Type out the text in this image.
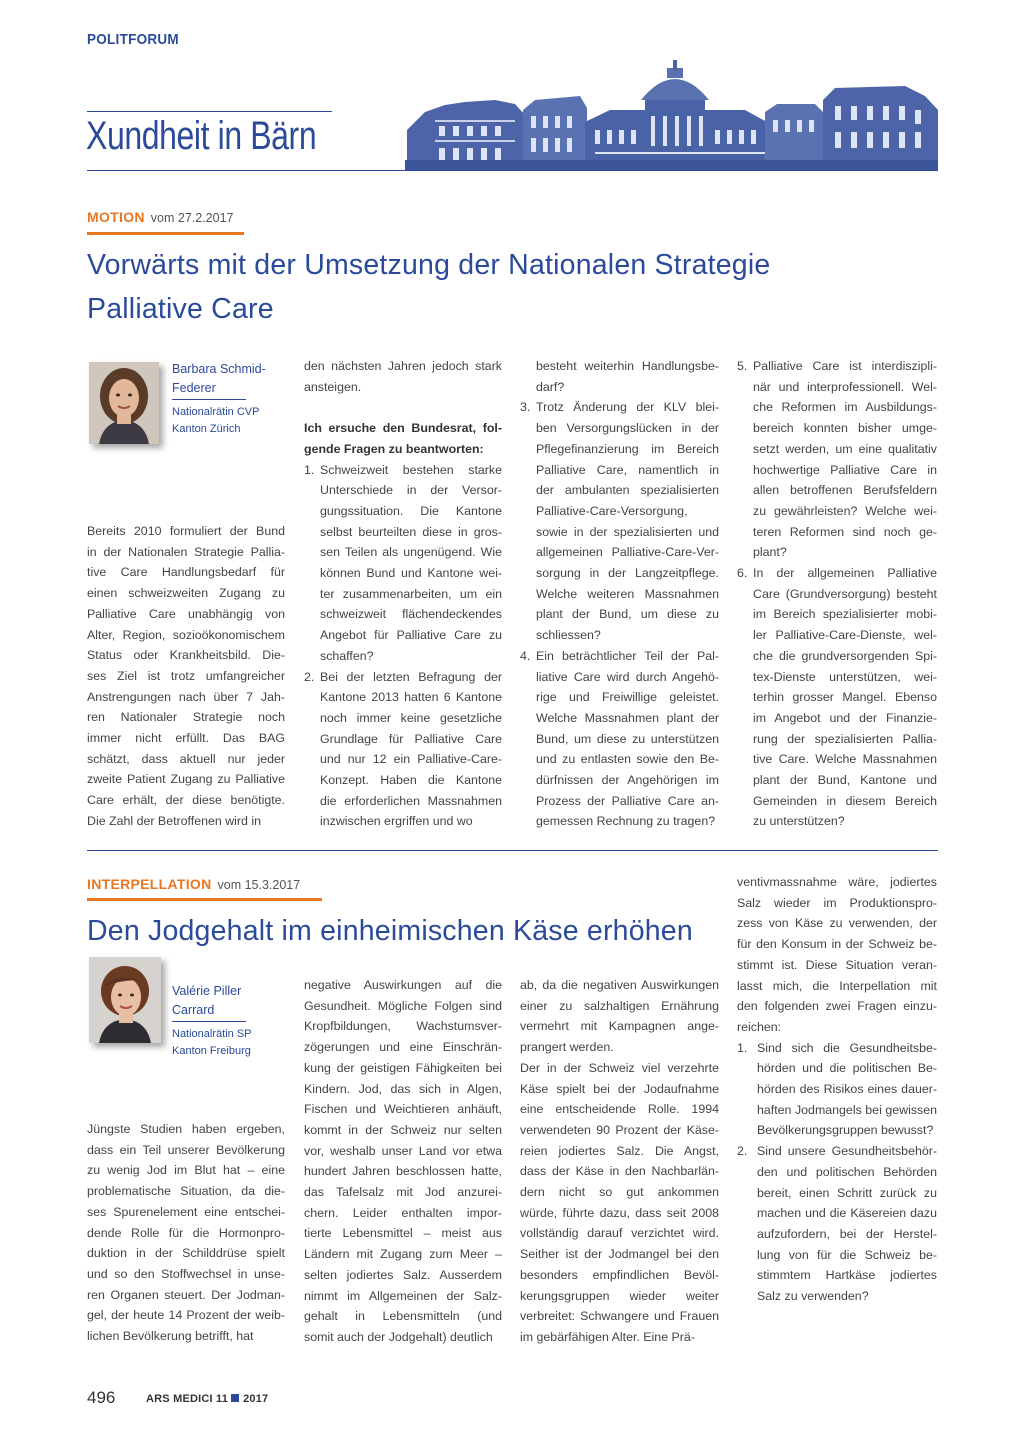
POLITFORUM
Xundheit in Bärn
MOTION vom 27.2.2017
Vorwärts mit der Umsetzung der Nationalen Strategie
Palliative Care
Barbara Schmid-
Federer
Nationalrätin CVP
Kanton Zürich
Bereits 2010 formuliert der Bund
in der Nationalen Strategie Pallia-
tive Care Handlungsbedarf für
einen schweizweiten Zugang zu
Palliative Care unabhängig von
Alter, Region, sozioökonomischem
Status oder Krankheitsbild. Die-
ses Ziel ist trotz umfangreicher
Anstrengungen nach über 7 Jah-
ren Nationaler Strategie noch
immer nicht erfüllt. Das BAG
schätzt, dass aktuell nur jeder
zweite Patient Zugang zu Palliative
Care erhält, der diese benötigte.
Die Zahl der Betroffenen wird in
den nächsten Jahren jedoch stark
ansteigen.
Ich ersuche den Bundesrat, fol-
gende Fragen zu beantworten:
1. Schweizweit bestehen starke
Unterschiede in der Versor-
gungssituation. Die Kantone
selbst beurteilten diese in gros-
sen Teilen als ungenügend. Wie
können Bund und Kantone wei-
ter zusammenarbeiten, um ein
schweizweit flächendeckendes
Angebot für Palliative Care zu
schaffen?
2. Bei der letzten Befragung der
Kantone 2013 hatten 6 Kantone
noch immer keine gesetzliche
Grundlage für Palliative Care
und nur 12 ein Palliative-Care-
Konzept. Haben die Kantone
die erforderlichen Massnahmen
inzwischen ergriffen und wo
besteht weiterhin Handlungsbe-
darf?
3. Trotz Änderung der KLV blei-
ben Versorgungslücken in der
Pflegefinanzierung im Bereich
Palliative Care, namentlich in
der ambulanten spezialisierten
Palliative-Care-Versorgung,
sowie in der spezialisierten und
allgemeinen Palliative-Care-Ver-
sorgung in der Langzeitpflege.
Welche weiteren Massnahmen
plant der Bund, um diese zu
schliessen?
4. Ein beträchtlicher Teil der Pal-
liative Care wird durch Angehö-
rige und Freiwillige geleistet.
Welche Massnahmen plant der
Bund, um diese zu unterstützen
und zu entlasten sowie den Be-
dürfnissen der Angehörigen im
Prozess der Palliative Care an-
gemessen Rechnung zu tragen?
5. Palliative Care ist interdiszipli-
när und interprofessionell. Wel-
che Reformen im Ausbildungs-
bereich konnten bisher umge-
setzt werden, um eine qualitativ
hochwertige Palliative Care in
allen betroffenen Berufsfeldern
zu gewährleisten? Welche wei-
teren Reformen sind noch ge-
plant?
6. In der allgemeinen Palliative
Care (Grundversorgung) besteht
im Bereich spezialisierter mobi-
ler Palliative-Care-Dienste, wel-
che die grundversorgenden Spi-
tex-Dienste unterstützen, wei-
terhin grosser Mangel. Ebenso
im Angebot und der Finanzie-
rung der spezialisierten Pallia-
tive Care. Welche Massnahmen
plant der Bund, Kantone und
Gemeinden in diesem Bereich
zu unterstützen?
INTERPELLATION vom 15.3.2017
Den Jodgehalt im einheimischen Käse erhöhen
Valérie Piller
Carrard
Nationalrätin SP
Kanton Freiburg
Jüngste Studien haben ergeben,
dass ein Teil unserer Bevölkerung
zu wenig Jod im Blut hat – eine
problematische Situation, da die-
ses Spurenelement eine entschei-
dende Rolle für die Hormonpro-
duktion in der Schilddrüse spielt
und so den Stoffwechsel in unse-
ren Organen steuert. Der Jodman-
gel, der heute 14 Prozent der weib-
lichen Bevölkerung betrifft, hat
negative Auswirkungen auf die
Gesundheit. Mögliche Folgen sind
Kropfbildungen, Wachstumsver-
zögerungen und eine Einschrän-
kung der geistigen Fähigkeiten bei
Kindern. Jod, das sich in Algen,
Fischen und Weichtieren anhäuft,
kommt in der Schweiz nur selten
vor, weshalb unser Land vor etwa
hundert Jahren beschlossen hatte,
das Tafelsalz mit Jod anzurei-
chern. Leider enthalten impor-
tierte Lebensmittel – meist aus
Ländern mit Zugang zum Meer –
selten jodiertes Salz. Ausserdem
nimmt im Allgemeinen der Salz-
gehalt in Lebensmitteln (und
somit auch der Jodgehalt) deutlich
ab, da die negativen Auswirkungen
einer zu salzhaltigen Ernährung
vermehrt mit Kampagnen ange-
prangert werden.
Der in der Schweiz viel verzehrte
Käse spielt bei der Jodaufnahme
eine entscheidende Rolle. 1994
verwendeten 90 Prozent der Käse-
reien jodiertes Salz. Die Angst,
dass der Käse in den Nachbarlän-
dern nicht so gut ankommen
würde, führte dazu, dass seit 2008
vollständig darauf verzichtet wird.
Seither ist der Jodmangel bei den
besonders empfindlichen Bevöl-
kerungsgruppen wieder weiter
verbreitet: Schwangere und Frauen
im gebärfähigen Alter. Eine Prä-
ventivmassnahme wäre, jodiertes
Salz wieder im Produktionspro-
zess von Käse zu verwenden, der
für den Konsum in der Schweiz be-
stimmt ist. Diese Situation veran-
lasst mich, die Interpellation mit
den folgenden zwei Fragen einzu-
reichen:
1. Sind sich die Gesundheitsbe-
hörden und die politischen Be-
hörden des Risikos eines dauer-
haften Jodmangels bei gewissen
Bevölkerungsgruppen bewusst?
2. Sind unsere Gesundheitsbehör-
den und politischen Behörden
bereit, einen Schritt zurück zu
machen und die Käsereien dazu
aufzufordern, bei der Herstel-
lung von für die Schweiz be-
stimmtem Hartkäse jodiertes
Salz zu verwenden?
496	ARS MEDICI 11 2017
